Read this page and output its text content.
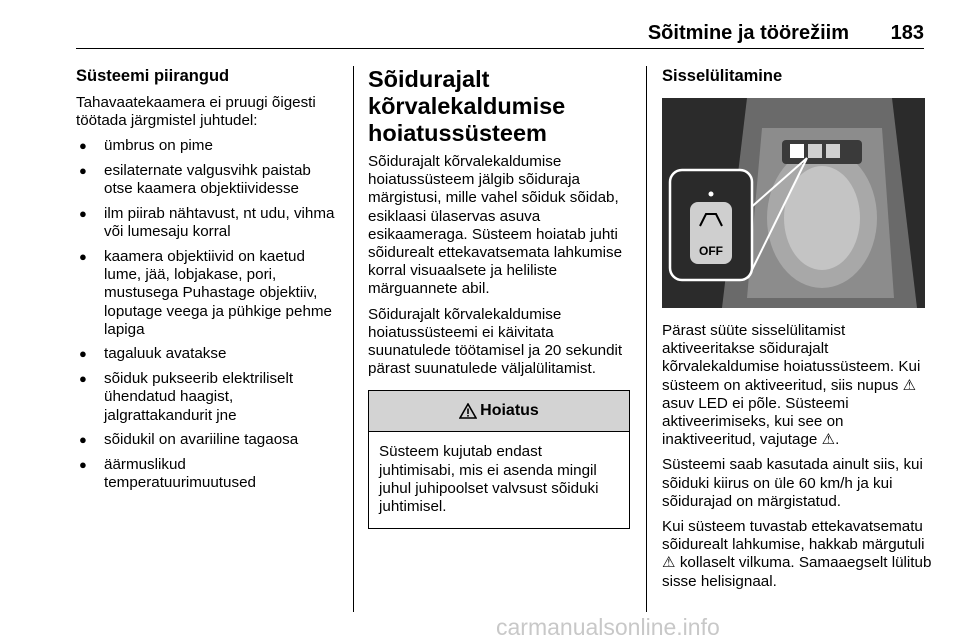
Sõitmine ja töörežiim 183
Süsteemi piirangud

Tahavaatekaamera ei pruugi õigesti töötada järgmistel juhtudel:

● ümbrus on pime
● esilaternate valgusvihk paistab otse kaamera objektiividesse
● ilm piirab nähtavust, nt udu, vihma või lumesaju korral
● kaamera objektiivid on kaetud lume, jää, lobjakase, pori, mustusega Puhastage objektiiv, loputage veega ja pühkige pehme lapiga
● tagaluuk avatakse
● sõiduk pukseerib elektriliselt ühendatud haagist, jalgrattakandurit jne
● sõidukil on avariiline tagaosa
● äärmuslikud temperatuurimuutused
Sõidurajalt kõrvalekaldumise hoiatussüsteem

Sõidurajalt kõrvalekaldumise hoiatussüsteem jälgib sõiduraja märgistusi, mille vahel sõiduk sõidab, esiklaasi ülaservas asuva esikaameraga. Süsteem hoiatab juhti sõidurealt ettekavatsemata lahkumise korral visuaalsete ja heliliste märguannete abil.

Sõidurajalt kõrvalekaldumise hoiatussüsteemi ei käivitata suunatulede töötamisel ja 20 sekundit pärast suunatulede väljalülitamist.

Hoiatus
Süsteem kujutab endast juhtimisabi, mis ei asenda mingil juhul juhipoolset valvsust sõiduki juhtimisel.
Sisselülitamine
OFF

Pärast süüte sisselülitamist aktiveeritakse sõidurajalt kõrvalekaldumise hoiatussüsteem. Kui süsteem on aktiveeritud, siis nupus ⚠ asuv LED ei põle. Süsteemi aktiveerimiseks, kui see on inaktiveeritud, vajutage ⚠.

Süsteemi saab kasutada ainult siis, kui sõiduki kiirus on üle 60 km/h ja kui sõidurajad on märgistatud.

Kui süsteem tuvastab ettekavatsematu sõidurealt lahkumise, hakkab märgutuli ⚠ kollaselt vilkuma. Samaaegselt lülitub sisse helisignaal.

carmanualsonline.info
